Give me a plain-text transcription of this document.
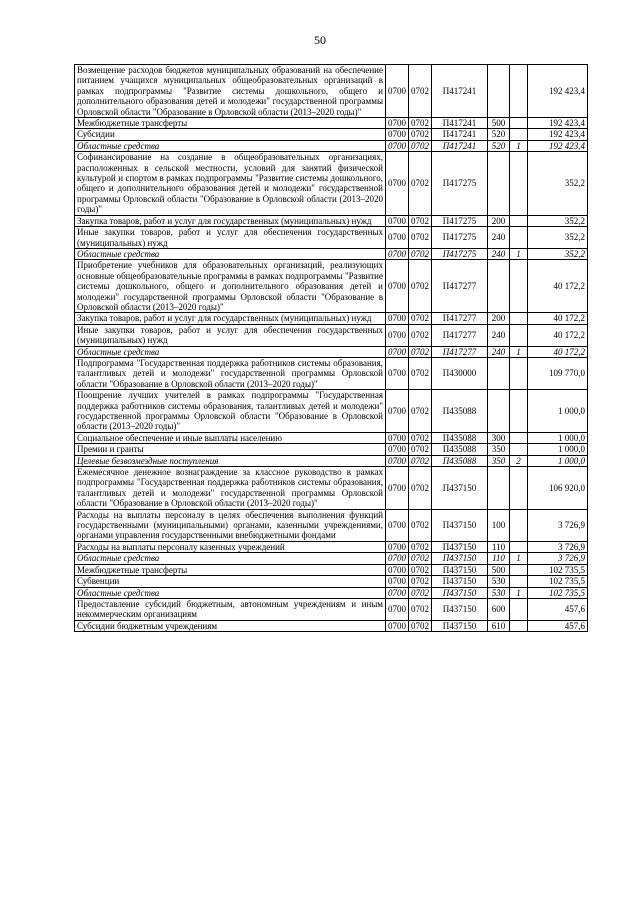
50
Возмещение расходов бюджетов муниципальных образований на обеспечение питанием учащихся муниципальных общеобразовательных организаций в рамках подпрограммы "Развитие системы дошкольного, общего и дополнительного образования детей и молодежи" государственной программы Орловской области "Образование в Орловской области (2013–2020 годы)"	0700	0702	П417241			192 423,4
Межбюджетные трансферты	0700	0702	П417241	500		192 423,4
Субсидии	0700	0702	П417241	520		192 423,4
Областные средства	0700	0702	П417241	520	1	192 423,4
Софинансирование на создание в общеобразовательных организациях, расположенных в сельской местности, условий для занятий физической культурой и спортом в рамках подпрограммы "Развитие системы дошкольного, общего и дополнительного образования детей и молодежи" государственной программы Орловской области "Образование в Орловской области (2013–2020 годы)"	0700	0702	П417275			352,2
Закупка товаров, работ и услуг для государственных (муниципальных) нужд	0700	0702	П417275	200		352,2
Иные закупки товаров, работ и услуг для обеспечения государственных (муниципальных) нужд	0700	0702	П417275	240		352,2
Областные средства	0700	0702	П417275	240	1	352,2
Приобретение учебников для образовательных организаций, реализующих основные общеобразовательные программы в рамках подпрограммы "Развитие системы дошкольного, общего и дополнительного образования детей и молодежи" государственной программы Орловской области "Образование в Орловской области (2013–2020 годы)"	0700	0702	П417277			40 172,2
Закупка товаров, работ и услуг для государственных (муниципальных) нужд	0700	0702	П417277	200		40 172,2
Иные закупки товаров, работ и услуг для обеспечения государственных (муниципальных) нужд	0700	0702	П417277	240		40 172,2
Областные средства	0700	0702	П417277	240	1	40 172,2
Подпрограмма "Государственная поддержка работников системы образования, талантливых детей и молодежи" государственной программы Орловской области "Образование в Орловской области (2013–2020 годы)"	0700	0702	П430000			109 770,0
Поощрение лучших учителей в рамках подпрограммы "Государственная поддержка работников системы образования, талантливых детей и молодежи" государственной программы Орловской области "Образование в Орловской области (2013–2020 годы)"	0700	0702	П435088			1 000,0
Социальное обеспечение и иные выплаты населению	0700	0702	П435088	300		1 000,0
Премии и гранты	0700	0702	П435088	350		1 000,0
Целевые безвозмездные поступления	0700	0702	П435088	350	2	1 000,0
Ежемесячное денежное вознаграждение за классное руководство в рамках подпрограммы "Государственная поддержка работников системы образования, талантливых детей и молодежи" государственной программы Орловской области "Образование в Орловской области (2013–2020 годы)"	0700	0702	П437150			106 920,0
Расходы на выплаты персоналу в целях обеспечения выполнения функций государственными (муниципальными) органами, казенными учреждениями, органами управления государственными внебюджетными фондами	0700	0702	П437150	100		3 726,9
Расходы на выплаты персоналу казенных учреждений	0700	0702	П437150	110		3 726,9
Областные средства	0700	0702	П437150	110	1	3 726,9
Межбюджетные трансферты	0700	0702	П437150	500		102 735,5
Субвенции	0700	0702	П437150	530		102 735,5
Областные средства	0700	0702	П437150	530	1	102 735,5
Предоставление субсидий бюджетным, автономным учреждениям и иным некоммерческим организациям	0700	0702	П437150	600		457,6
Субсидии бюджетным учреждениям	0700	0702	П437150	610		457,6
